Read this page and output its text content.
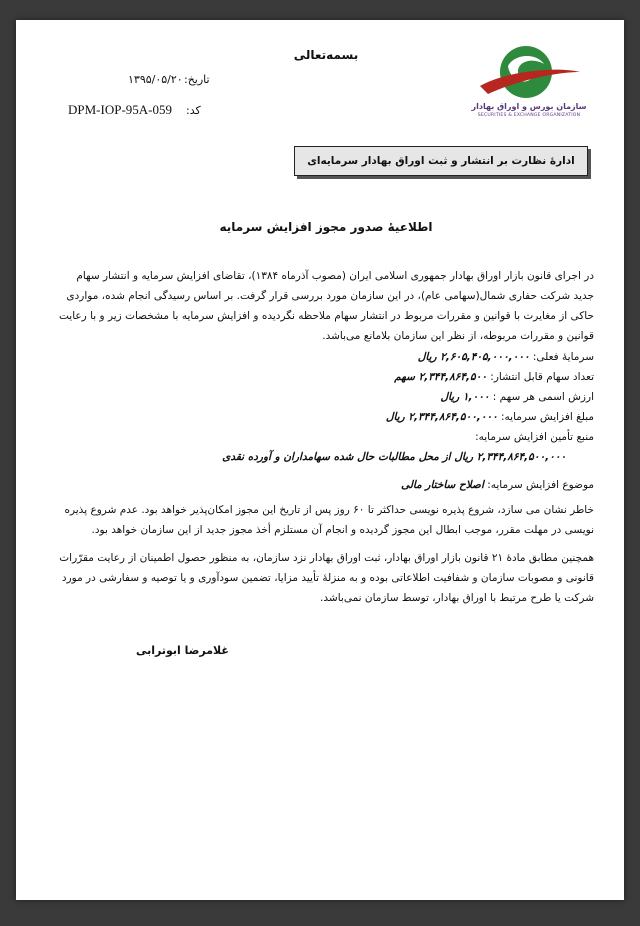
سازمان بورس و اوراق بهادار
SECURITIES & EXCHANGE ORGANIZATION
بسمه‌تعالی
تاریخ:
۱۳۹۵/۰۵/۲۰
کد:
DPM-IOP-95A-059
ادارۀ نظارت بر انتشار و ثبت اوراق بهادار سرمایه‌ای
اطلاعیۀ صدور مجوز افزایش سرمایه
در اجرای قانون بازار اوراق بهادار جمهوری اسلامی ایران (مصوب آذرماه ۱۳۸۴)، تقاضای افزایش سرمایه و انتشار سهام جدید شرکت حفاری شمال(سهامی عام)، در این سازمان مورد بررسی قرار گرفت. بر اساس رسیدگی انجام شده، مواردی حاکی از مغایرت با قوانین و مقررات مربوط در انتشار سهام ملاحظه نگردیده و افزایش سرمایه با مشخصات زیر و با رعایت قوانین و مقررات مربوطه، از نظر این سازمان بلامانع می‌باشد.
سرمایۀ فعلی: ۲,۶۰۵,۴۰۵,۰۰۰,۰۰۰ ریال
تعداد سهام قابل انتشار: ۲,۳۴۴,۸۶۴,۵۰۰ سهم
ارزش اسمی هر سهم : ۱,۰۰۰ ریال
مبلغ افزایش سرمایه: ۲,۳۴۴,۸۶۴,۵۰۰,۰۰۰ ریال
منبع تأمین افزایش سرمایه:
۲,۳۴۴,۸۶۴,۵۰۰,۰۰۰ ریال از محل مطالبات حال شده سهامداران و آورده نقدی
موضوع افزایش سرمایه: اصلاح ساختار مالی
خاطر نشان می سازد، شروع پذیره نویسی حداکثر تا ۶۰ روز پس از تاریخ این مجوز امکان‌پذیر خواهد بود. عدم شروع پذیره نویسی در مهلت مقرر، موجب ابطال این مجوز گردیده و انجام آن مستلزم أخذ مجوز جدید از این سازمان خواهد بود.
همچنین مطابق مادۀ ۲۱ قانون بازار اوراق بهادار، ثبت اوراق بهادار نزد سازمان، به منظور حصول اطمینان از رعایت مقرّرات قانونی و مصوبات سازمان و شفافیت اطلاعاتی بوده و به منزلۀ تأیید مزایا، تضمین سودآوری و یا توصیه و سفارشی در مورد شرکت یا طرح مرتبط با اوراق بهادار، توسط سازمان نمی‌باشد.
غلامرضا ابوترابی
